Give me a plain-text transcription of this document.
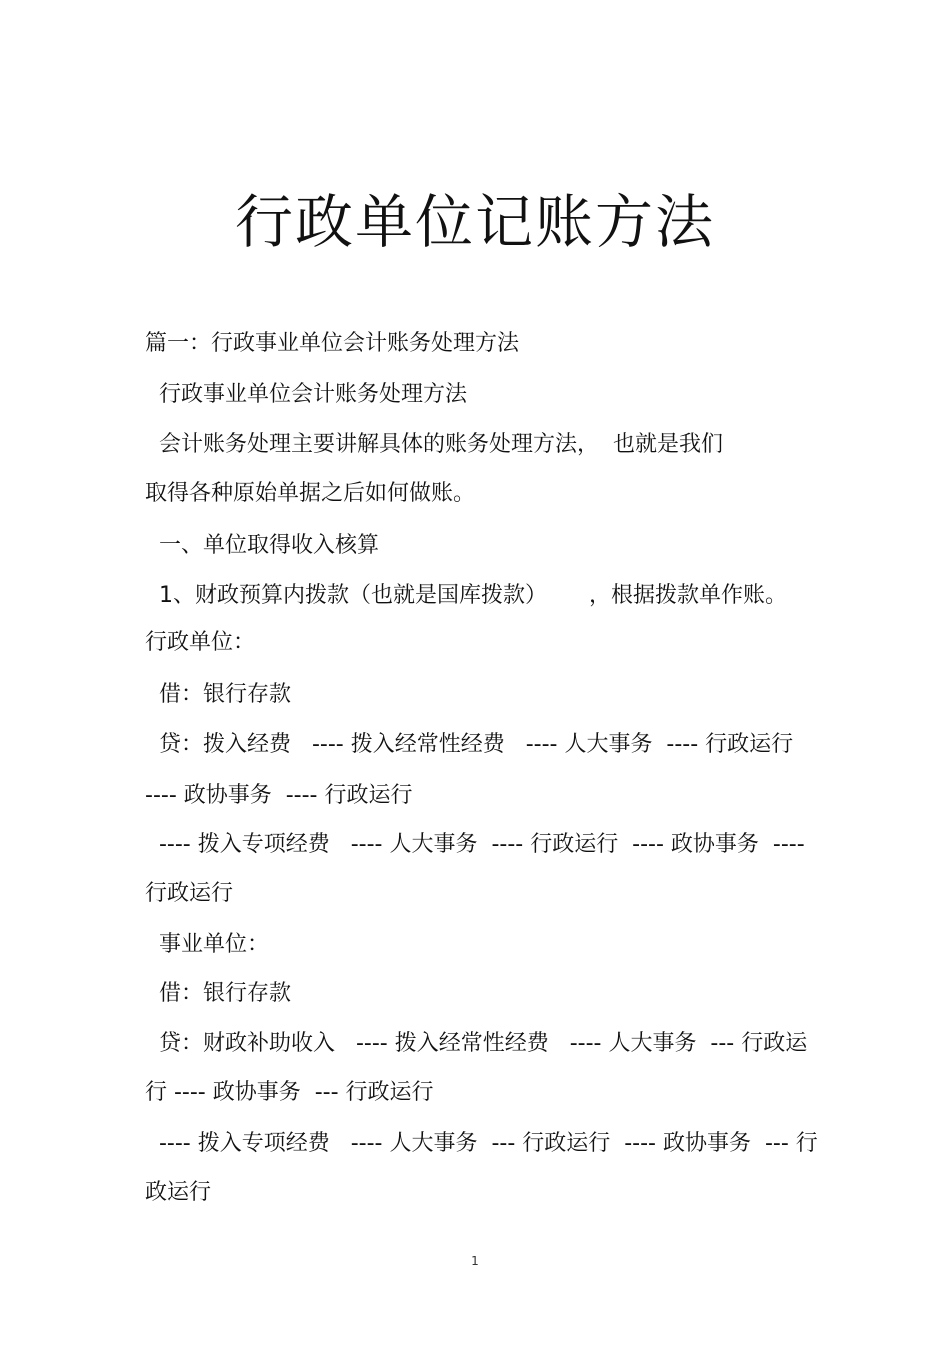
行政单位记账方法
篇一：行政事业单位会计账务处理方法
行政事业单位会计账务处理方法
会计账务处理主要讲解具体的账务处理方法，  也就是我们
取得各种原始单据之后如何做账。
一、单位取得收入核算
1、财政预算内拨款（也就是国库拨款）      ，根据拨款单作账。
行政单位：
借：银行存款
贷：拨入经费   ---- 拨入经常性经费   ---- 人大事务  ---- 行政运行
---- 政协事务  ---- 行政运行
---- 拨入专项经费   ---- 人大事务  ---- 行政运行  ---- 政协事务  ----
行政运行
事业单位：
借：银行存款
贷：财政补助收入   ---- 拨入经常性经费   ---- 人大事务  --- 行政运
行 ---- 政协事务  --- 行政运行
---- 拨入专项经费   ---- 人大事务  --- 行政运行  ---- 政协事务  --- 行
政运行
1
